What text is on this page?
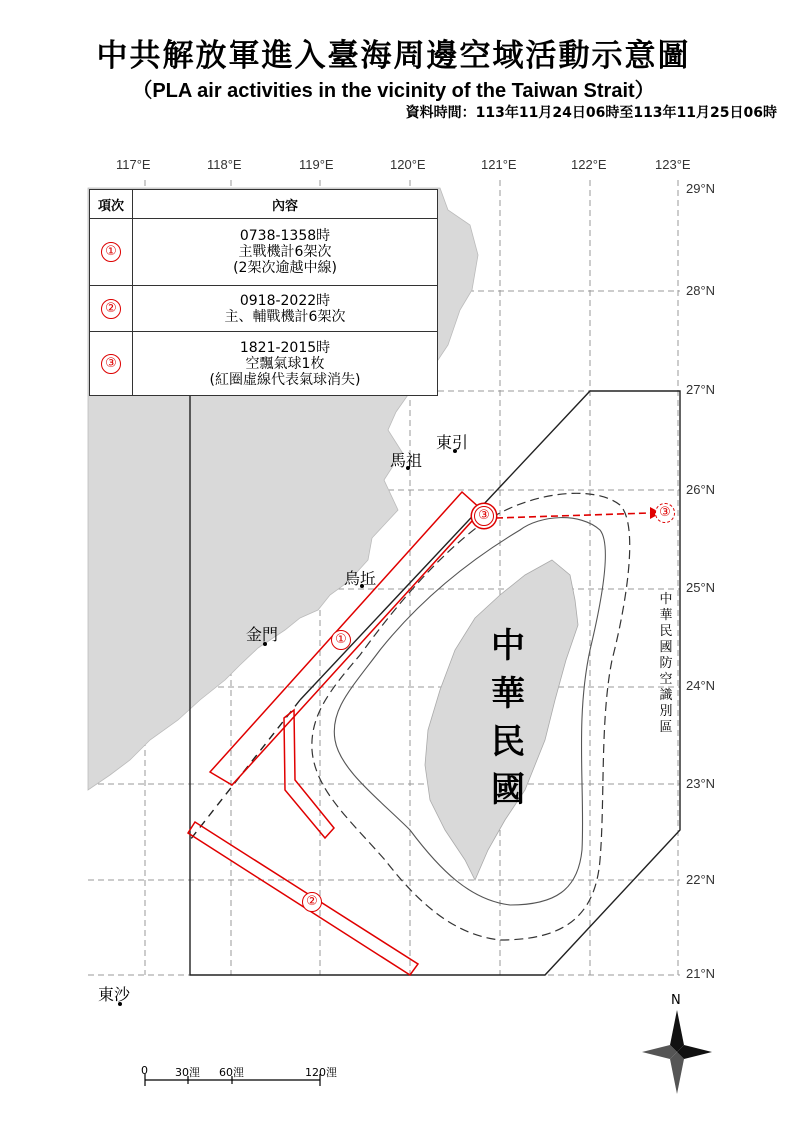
中共解放軍進入臺海周邊空域活動示意圖
（PLA air activities in the vicinity of the Taiwan Strait）
資料時間：113年11月24日06時至113年11月25日06時
117°E	118°E	119°E	120°E	121°E	122°E	123°E
29°N
28°N
27°N
26°N
25°N
24°N
23°N
22°N
21°N
項次	內容
①	0738-1358時
主戰機計6架次
(2架次逾越中線)

②	0918-2022時
主、輔戰機計6架次

③	1821-2015時
空飄氣球1枚
(紅圈虛線代表氣球消失)
①
②
③	③
東引
馬祖
烏坵
金門
東沙
中
華
民
國
中華民國防空識別區
0 30浬 60浬	120浬
N
